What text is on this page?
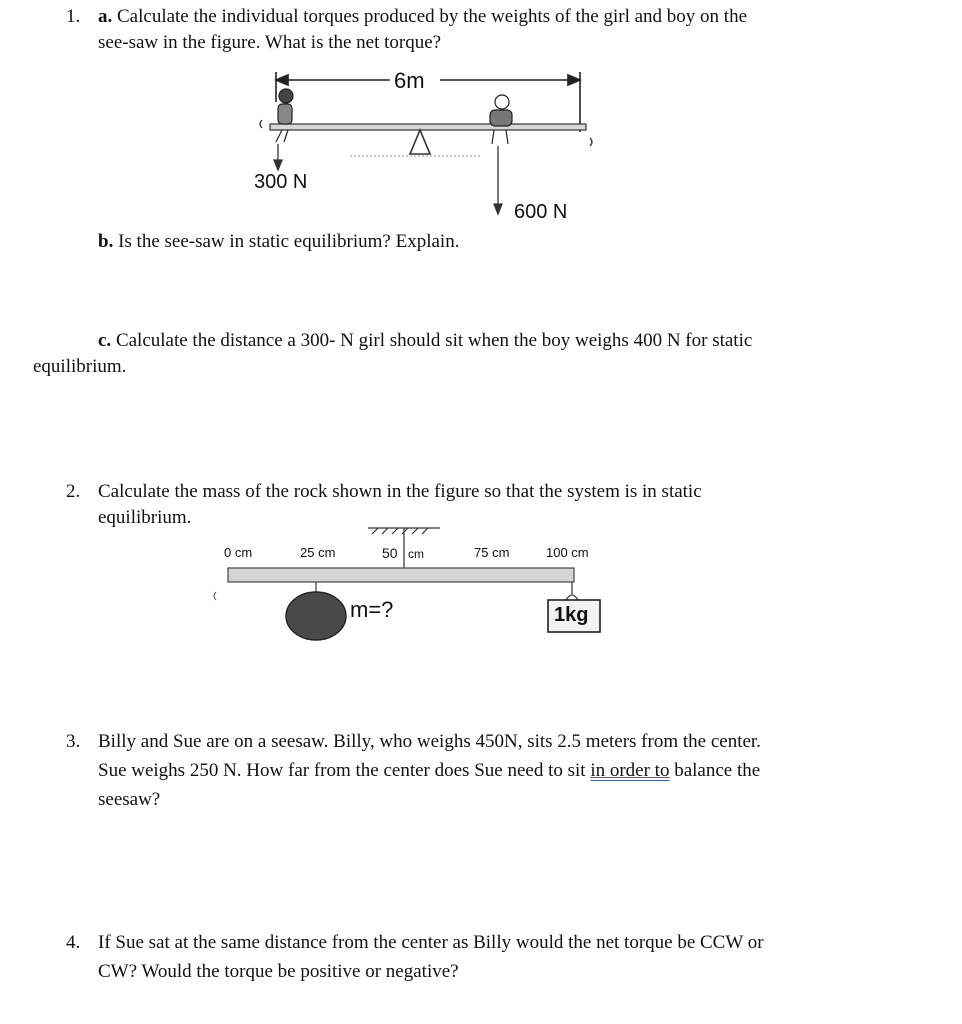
1. a. Calculate the individual torques produced by the weights of the girl and boy on the
see-saw in the figure. What is the net torque?
6m
300 N
600 N
b. Is the see-saw in static equilibrium? Explain.
c. Calculate the distance a 300- N girl should sit when the boy weighs 400 N for static
equilibrium.
2. Calculate the mass of the rock shown in the figure so that the system is in static
equilibrium.
0 cm	25 cm	50 cm	75 cm	100 cm
m=?	1kg
3. Billy and Sue are on a seesaw. Billy, who weighs 450N, sits 2.5 meters from the center.
Sue weighs 250 N. How far from the center does Sue need to sit in order to balance the
seesaw?
4. If Sue sat at the same distance from the center as Billy would the net torque be CCW or
CW? Would the torque be positive or negative?
